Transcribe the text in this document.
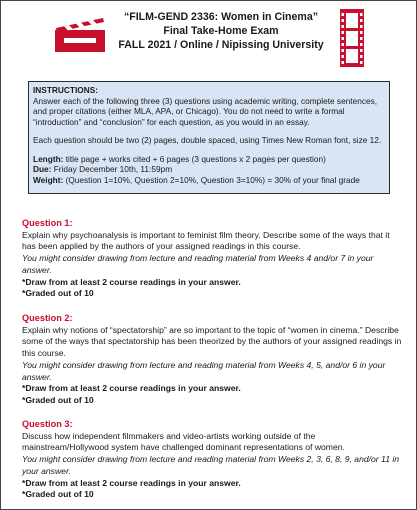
“FILM-GEND 2336: Women in Cinema”
Final Take-Home Exam
FALL 2021 / Online / Nipissing University

INSTRUCTIONS:

Answer each of the following three (3) questions using academic writing, complete sentences, and proper citations (either MLA, APA, or Chicago). You do not need to write a formal “introduction” and “conclusion” for each question, as you would in an essay.

Each question should be two (2) pages, double spaced, using Times New Roman font, size 12.

Length: title page + works cited + 6 pages (3 questions x 2 pages per question)

Due: Friday December 10th, 11:59pm

Weight: (Question 1=10%, Question 2=10%, Question 3=10%) = 30% of your final grade

Question 1:

Explain why psychoanalysis is important to feminist film theory. Describe some of the ways that it has been applied by the authors of your assigned readings in this course.

You might consider drawing from lecture and reading material from Weeks 4 and/or 7 in your answer.

*Draw from at least 2 course readings in your answer.

*Graded out of 10

Question 2:

Explain why notions of “spectatorship” are so important to the topic of “women in cinema.” Describe some of the ways that spectatorship has been theorized by the authors of your assigned readings in this course.

You might consider drawing from lecture and reading material from Weeks 4, 5, and/or 6 in your answer.

*Draw from at least 2 course readings in your answer.

*Graded out of 10

Question 3:

Discuss how independent filmmakers and video-artists working outside of the mainstream/Hollywood system have challenged dominant representations of women.

You might consider drawing from lecture and reading material from Weeks 2, 3, 6, 8, 9, and/or 11 in your answer.

*Draw from at least 2 course readings in your answer.

*Graded out of 10
